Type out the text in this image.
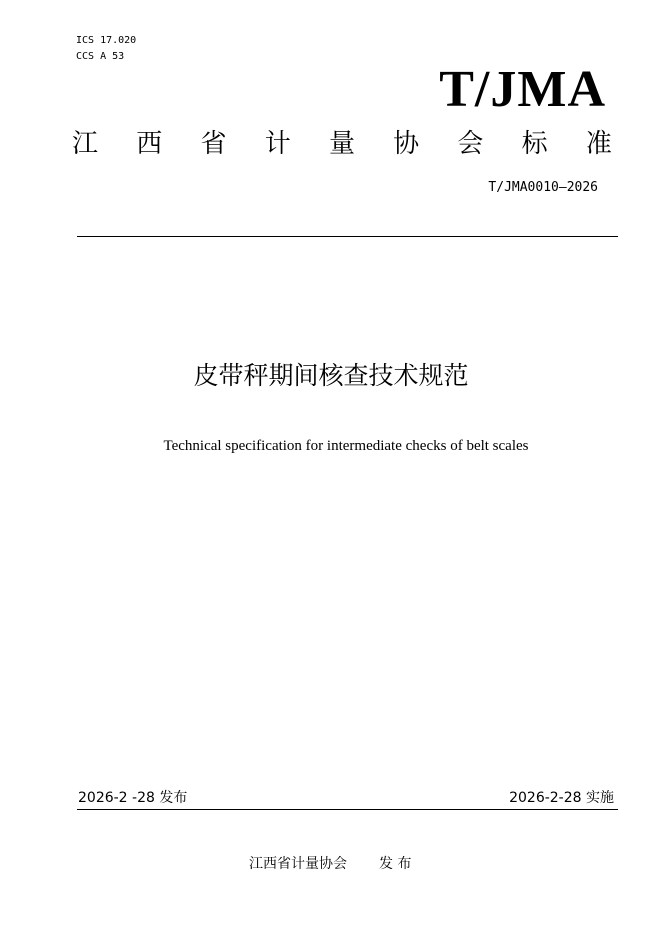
ICS 17.020
CCS A 53
T/JMA
江 西 省 计 量 协 会 标 准
T/JMA0010—2026
皮带秤期间核查技术规范
Technical specification for intermediate checks of belt scales
2026-2 -28 发布	2026-2-28 实施
江西省计量协会 发 布
